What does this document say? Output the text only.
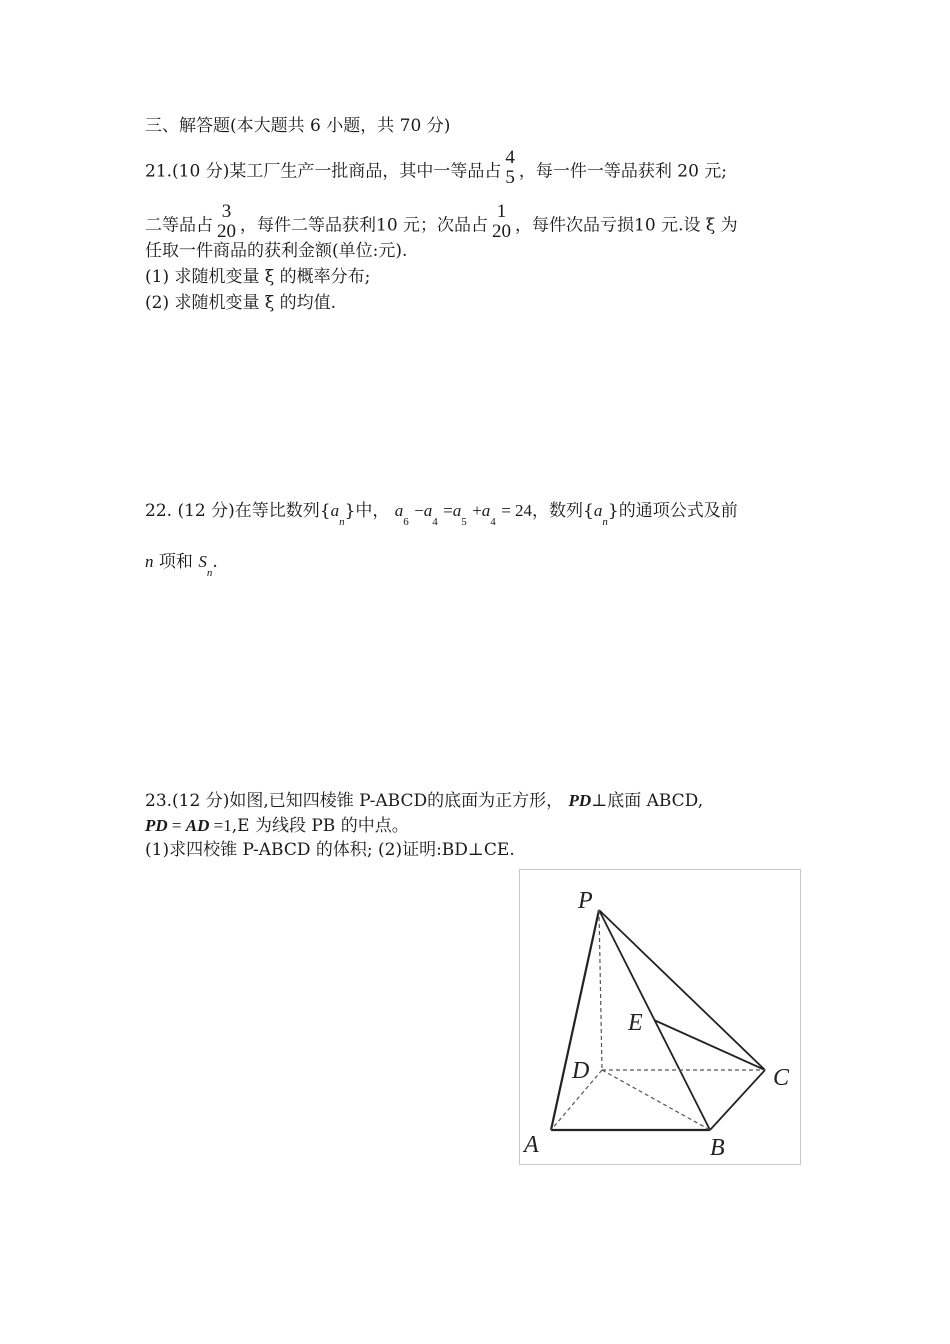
三、解答题(本大题共 6 小题，共 70 分)
21.(10 分)某工厂生产一批商品，其中一等品占
4
5 ，每一件一等品获利 20 元;
二等品占
3
20 ，每件二等品获利10 元；次品占
1
20 ，每件次品亏损10 元.设 ξ 为
任取一件商品的获利金额(单位:元).
(1) 求随机变量 ξ 的概率分布;
(2) 求随机变量 ξ 的均值.
22. (12 分)在等比数列$\{a_n\}$中， $a_6 -a_4 =a_5 +a_4 = 24$，数列$\{a_n\}$的通项公式及前
n 项和 $S_n$.
23.(12 分)如图,已知四棱锥 P-ABCD的底面为正方形， PD⊥底面 ABCD,
PD = AD =1,E 为线段 PB 的中点。
(1)求四校锥 P-ABCD 的体积; (2)证明:BD⊥CE.
P
E
D	C
A	B
